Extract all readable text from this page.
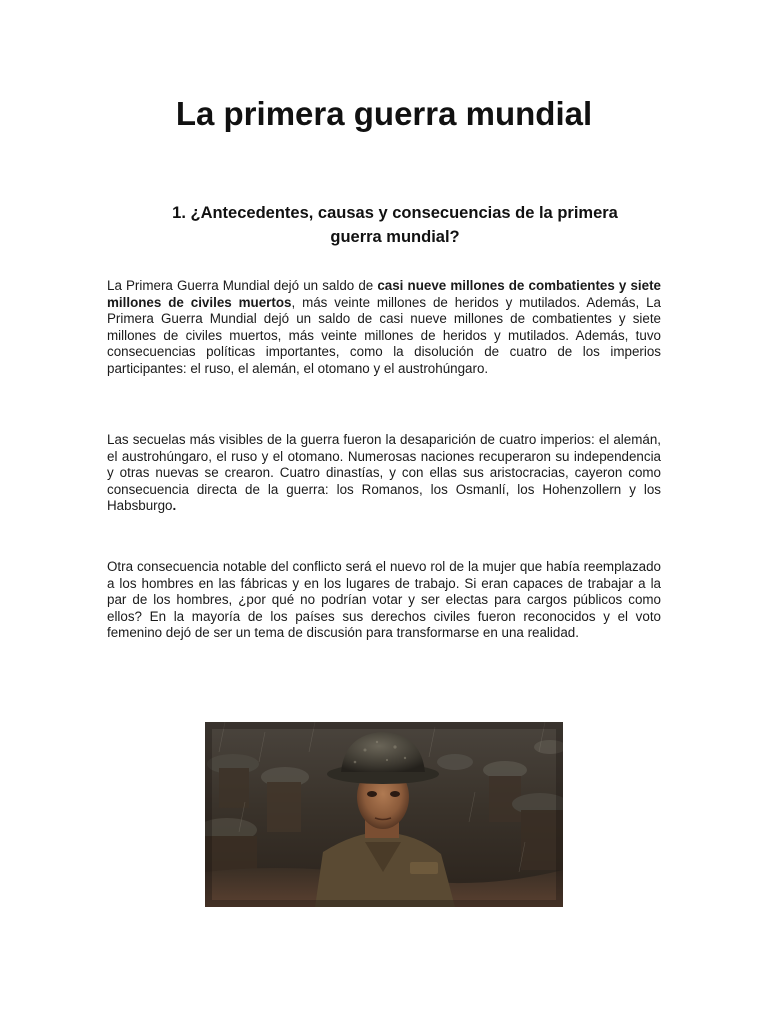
La primera guerra mundial
1. ¿Antecedentes, causas y consecuencias de la primera guerra mundial?

La Primera Guerra Mundial dejó un saldo de casi nueve millones de combatientes y siete millones de civiles muertos, más veinte millones de heridos y mutilados. Además, La Primera Guerra Mundial dejó un saldo de casi nueve millones de combatientes y siete millones de civiles muertos, más veinte millones de heridos y mutilados. Además, tuvo consecuencias políticas importantes, como la disolución de cuatro de los imperios participantes: el ruso, el alemán, el otomano y el austrohúngaro.

Las secuelas más visibles de la guerra fueron la desaparición de cuatro imperios: el alemán, el austrohúngaro, el ruso y el otomano. Numerosas naciones recuperaron su independencia y otras nuevas se crearon. Cuatro dinastías, y con ellas sus aristocracias, cayeron como consecuencia directa de la guerra: los Romanos, los Osmanlí, los Hohenzollern y los Habsburgo.

Otra consecuencia notable del conflicto será el nuevo rol de la mujer que había reemplazado a los hombres en las fábricas y en los lugares de trabajo. Si eran capaces de trabajar a la par de los hombres, ¿por qué no podrían votar y ser electas para cargos públicos como ellos? En la mayoría de los países sus derechos civiles fueron reconocidos y el voto femenino dejó de ser un tema de discusión para transformarse en una realidad.
